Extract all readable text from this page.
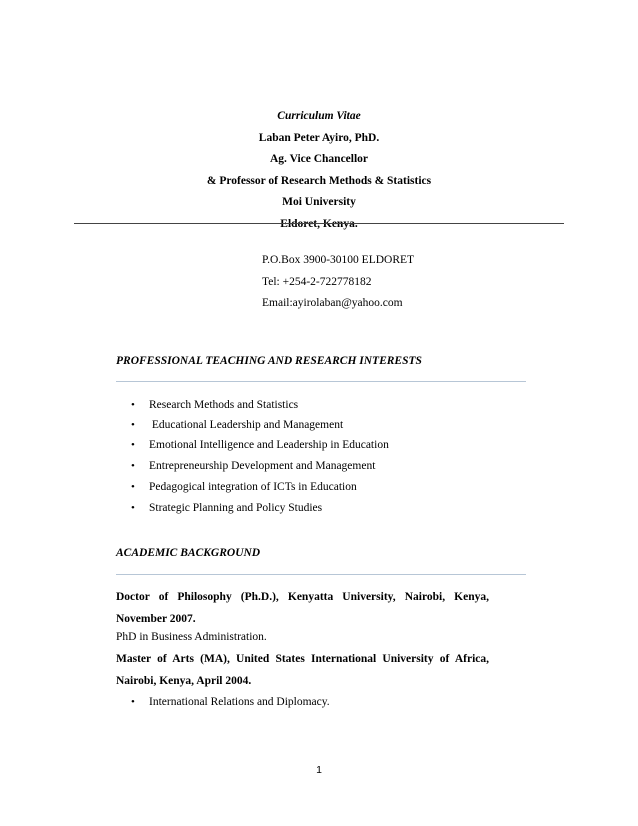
Curriculum Vitae
Laban Peter Ayiro, PhD.
Ag. Vice Chancellor
& Professor of Research Methods & Statistics
Moi University
Eldoret, Kenya.
P.O.Box 3900-30100 ELDORET
Tel: +254-2-722778182
Email:ayirolaban@yahoo.com
PROFESSIONAL TEACHING AND RESEARCH INTERESTS
• Research Methods and Statistics
• Educational Leadership and Management
• Emotional Intelligence and Leadership in Education
• Entrepreneurship Development and Management
• Pedagogical integration of ICTs in Education
• Strategic Planning and Policy Studies
ACADEMIC BACKGROUND
Doctor of Philosophy (Ph.D.), Kenyatta University, Nairobi, Kenya, November 2007.
PhD in Business Administration.
Master of Arts (MA), United States International University of Africa, Nairobi, Kenya, April 2004.
• International Relations and Diplomacy.
1
